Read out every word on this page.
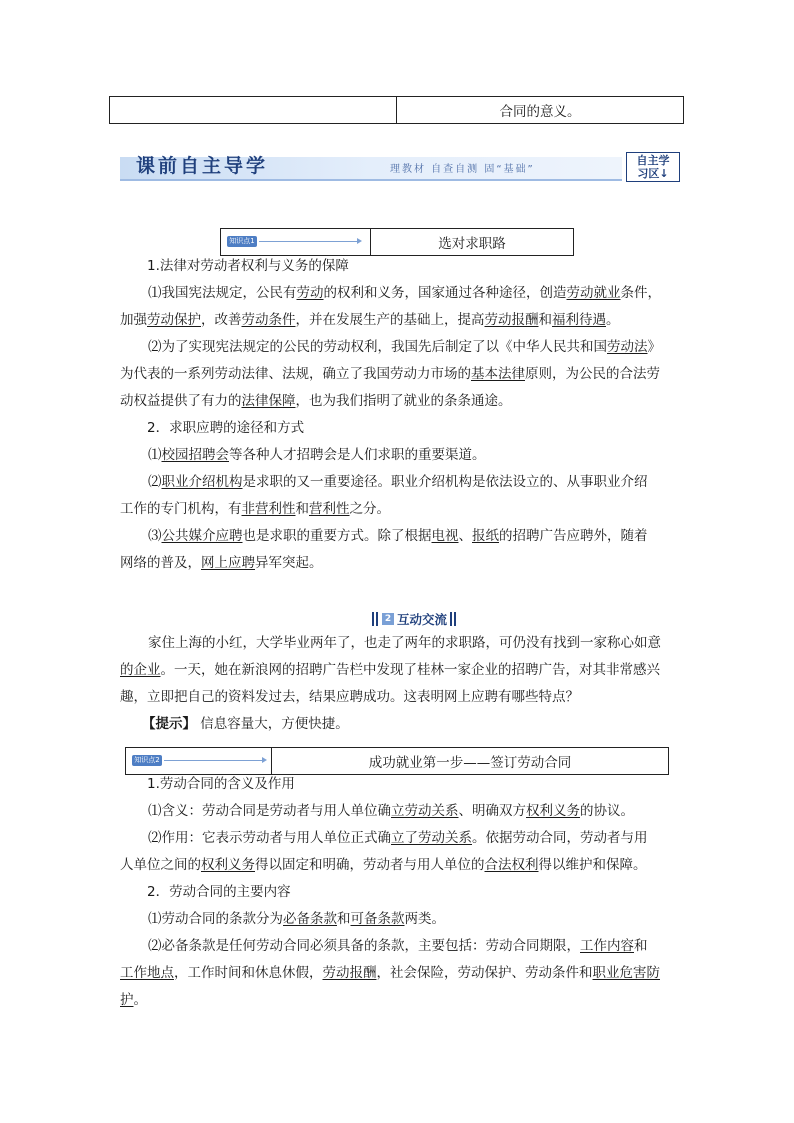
合同的意义。
课前自主导学	理教材 自查自测 固“基础”
自主学
习区↓
知识点1	选对求职路
1.法律对劳动者权利与义务的保障
⑴我国宪法规定，公民有劳动的权利和义务，国家通过各种途径，创造劳动就业条件，
加强劳动保护，改善劳动条件，并在发展生产的基础上，提高劳动报酬和福利待遇。
⑵为了实现宪法规定的公民的劳动权利，我国先后制定了以《中华人民共和国劳动法》
为代表的一系列劳动法律、法规，确立了我国劳动力市场的基本法律原则，为公民的合法劳
动权益提供了有力的法律保障，也为我们指明了就业的条条通途。
2．求职应聘的途径和方式
⑴校园招聘会等各种人才招聘会是人们求职的重要渠道。
⑵职业介绍机构是求职的又一重要途径。职业介绍机构是依法设立的、从事职业介绍
工作的专门机构，有非营利性和营利性之分。
⑶公共媒介应聘也是求职的重要方式。除了根据电视、报纸的招聘广告应聘外，随着
网络的普及，网上应聘异军突起。
2 互动交流
家住上海的小红，大学毕业两年了，也走了两年的求职路，可仍没有找到一家称心如意
的企业。一天，她在新浪网的招聘广告栏中发现了桂林一家企业的招聘广告，对其非常感兴
趣，立即把自己的资料发过去，结果应聘成功。这表明网上应聘有哪些特点？
【提示】 信息容量大，方便快捷。
知识点2	成功就业第一步——签订劳动合同
1.劳动合同的含义及作用
⑴含义：劳动合同是劳动者与用人单位确立劳动关系、明确双方权利义务的协议。
⑵作用：它表示劳动者与用人单位正式确立了劳动关系。依据劳动合同，劳动者与用
人单位之间的权利义务得以固定和明确，劳动者与用人单位的合法权利得以维护和保障。
2．劳动合同的主要内容
⑴劳动合同的条款分为必备条款和可备条款两类。
⑵必备条款是任何劳动合同必须具备的条款，主要包括：劳动合同期限，工作内容和
工作地点，工作时间和休息休假，劳动报酬，社会保险，劳动保护、劳动条件和职业危害防
护。
